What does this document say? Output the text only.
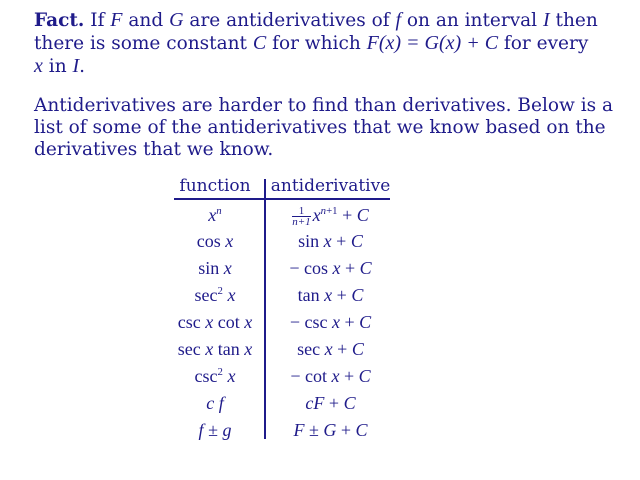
Fact. If F and G are antiderivatives of f on an interval I then there is some constant C for which F(x) = G(x) + C for every
x in I.
Antiderivatives are harder to find than derivatives. Below is a list of some of the antiderivatives that we know based on the derivatives that we know.
function	antiderivative
$x^n$	$\frac{1}{n+1} x^{n+1} + C$
cos x	sin x + C
sin x	− cos x + C
$\sec^2 x$	tan x + C
csc x cot x	− csc x + C
sec x tan x	sec x + C
$\csc^2 x$	− cot x + C
c f	cF + C
f ± g	F ± G + C
